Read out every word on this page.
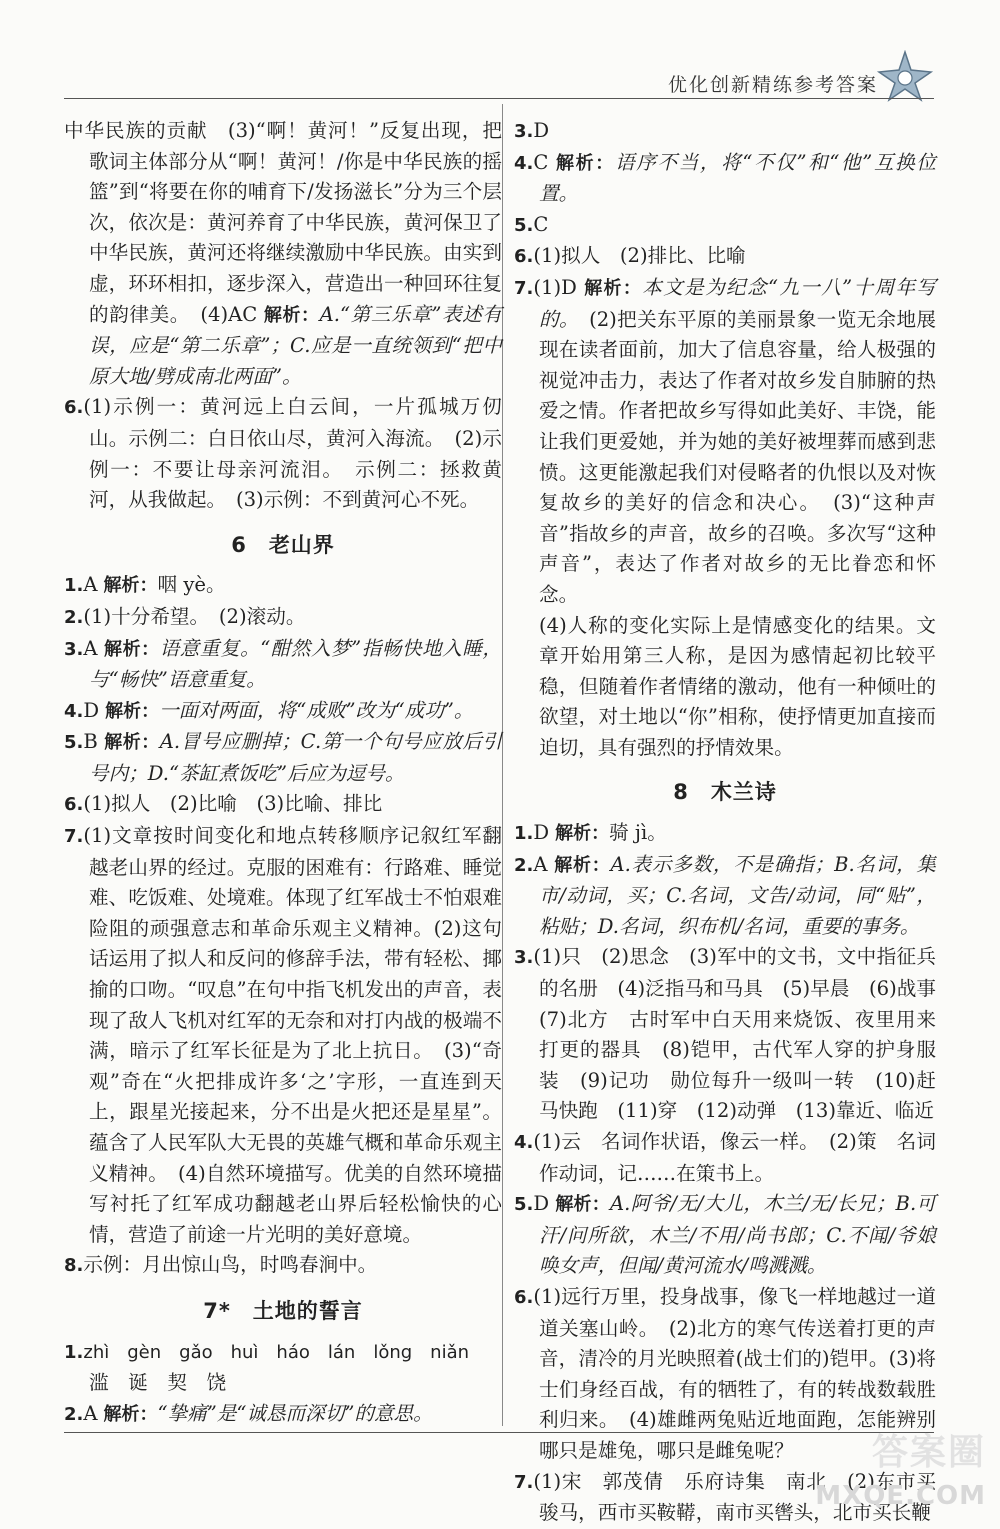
优化创新精练参考答案

中华民族的贡献　(3)“啊！黄河！”反复出现，把歌词主体部分从“啊！黄河！/你是中华民族的摇篮”到“将要在你的哺育下/发扬滋长”分为三个层次，依次是：黄河养育了中华民族，黄河保卫了中华民族，黄河还将继续激励中华民族。由实到虚，环环相扣，逐步深入，营造出一种回环往复的韵律美。　(4)AC 解析：A.“第三乐章”表述有误，应是“第二乐章”；C.应是一直统领到“把中原大地/劈成南北两面”。

6.(1)示例一：黄河远上白云间，一片孤城万仞山。示例二：白日依山尽，黄河入海流。　(2)示例一：不要让母亲河流泪。　示例二：拯救黄河，从我做起。　(3)示例：不到黄河心不死。

6 老山界

1.A 解析：咽 yè。

2.(1)十分希望。　(2)滚动。

3.A 解析：语意重复。“酣然入梦”指畅快地入睡，与“畅快”语意重复。

4.D 解析：一面对两面，将“成败”改为“成功”。

5.B 解析：A.冒号应删掉；C.第一个句号应放后引号内；D.“茶缸煮饭吃”后应为逗号。

6.(1)拟人　(2)比喻　(3)比喻、排比

7.(1)文章按时间变化和地点转移顺序记叙红军翻越老山界的经过。克服的困难有：行路难、睡觉难、吃饭难、处境难。体现了红军战士不怕艰难险阻的顽强意志和革命乐观主义精神。(2)这句话运用了拟人和反问的修辞手法，带有轻松、揶揄的口吻。“叹息”在句中指飞机发出的声音，表现了敌人飞机对红军的无奈和对打内战的极端不满，暗示了红军长征是为了北上抗日。　(3)“奇观”奇在“火把排成许多‘之’字形，一直连到天上，跟星光接起来，分不出是火把还是星星”。蕴含了人民军队大无畏的英雄气概和革命乐观主义精神。　(4)自然环境描写。优美的自然环境描写衬托了红军成功翻越老山界后轻松愉快的心情，营造了前途一片光明的美好意境。

8.示例：月出惊山鸟，时鸣春涧中。

7* 土地的誓言

1.zhì　gèn　gǎo　huì　háo　lán　lǒng　niǎn
滥　诞　契　饶

2.A 解析：“挚痛”是“诚恳而深切”的意思。

3.D

4.C 解析：语序不当，将“不仅”和“他”互换位置。

5.C

6.(1)拟人　(2)排比、比喻

7.(1)D 解析：本文是为纪念“九一八”十周年写的。　 (2)把关东平原的美丽景象一览无余地展现在读者面前，加大了信息容量，给人极强的视觉冲击力，表达了作者对故乡发自肺腑的热爱之情。作者把故乡写得如此美好、丰饶，能让我们更爱她，并为她的美好被埋葬而感到悲愤。这更能激起我们对侵略者的仇恨以及对恢复故乡的美好的信念和决心。　(3)“这种声音”指故乡的声音，故乡的召唤。多次写“这种声音”，表达了作者对故乡的无比眷恋和怀念。

(4)人称的变化实际上是情感变化的结果。文章开始用第三人称，是因为感情起初比较平稳，但随着作者情绪的激动，他有一种倾吐的欲望，对土地以“你”相称，使抒情更加直接而迫切，具有强烈的抒情效果。

8 木兰诗

1.D 解析：骑 jì。

2.A 解析：A.表示多数，不是确指；B.名词，集市/动词，买；C.名词，文告/动词，同“贴”，粘贴；D.名词，织布机/名词，重要的事务。

3.(1)只　(2)思念　(3)军中的文书，文中指征兵的名册　(4)泛指马和马具　(5)早晨　(6)战事　(7)北方　古时军中白天用来烧饭、夜里用来打更的器具　(8)铠甲，古代军人穿的护身服装　(9)记功　勋位每升一级叫一转　(10)赶马快跑　(11)穿　(12)动弹　(13)靠近、临近

4.(1)云　名词作状语，像云一样。　(2)策　名词作动词，记……在策书上。

5.D 解析：A.阿爷/无/大儿，木兰/无/长兄；B.可汗/问所欲，木兰/不用/尚书郎；C.不闻/爷娘唤女声，但闻/黄河流水/鸣溅溅。

6.(1)远行万里，投身战事，像飞一样地越过一道道关塞山岭。　(2)北方的寒气传送着打更的声音，清冷的月光映照着(战士们的)铠甲。(3)将士们身经百战，有的牺牲了，有的转战数载胜利归来。　(4)雄雌两兔贴近地面跑，怎能辨别哪只是雄兔，哪只是雌兔呢？

7.(1)宋　郭茂倩　乐府诗集　南北　(2)东市买骏马，西市买鞍鞯，南市买辔头，北市买长鞭

答案圈
MXQE.COM
